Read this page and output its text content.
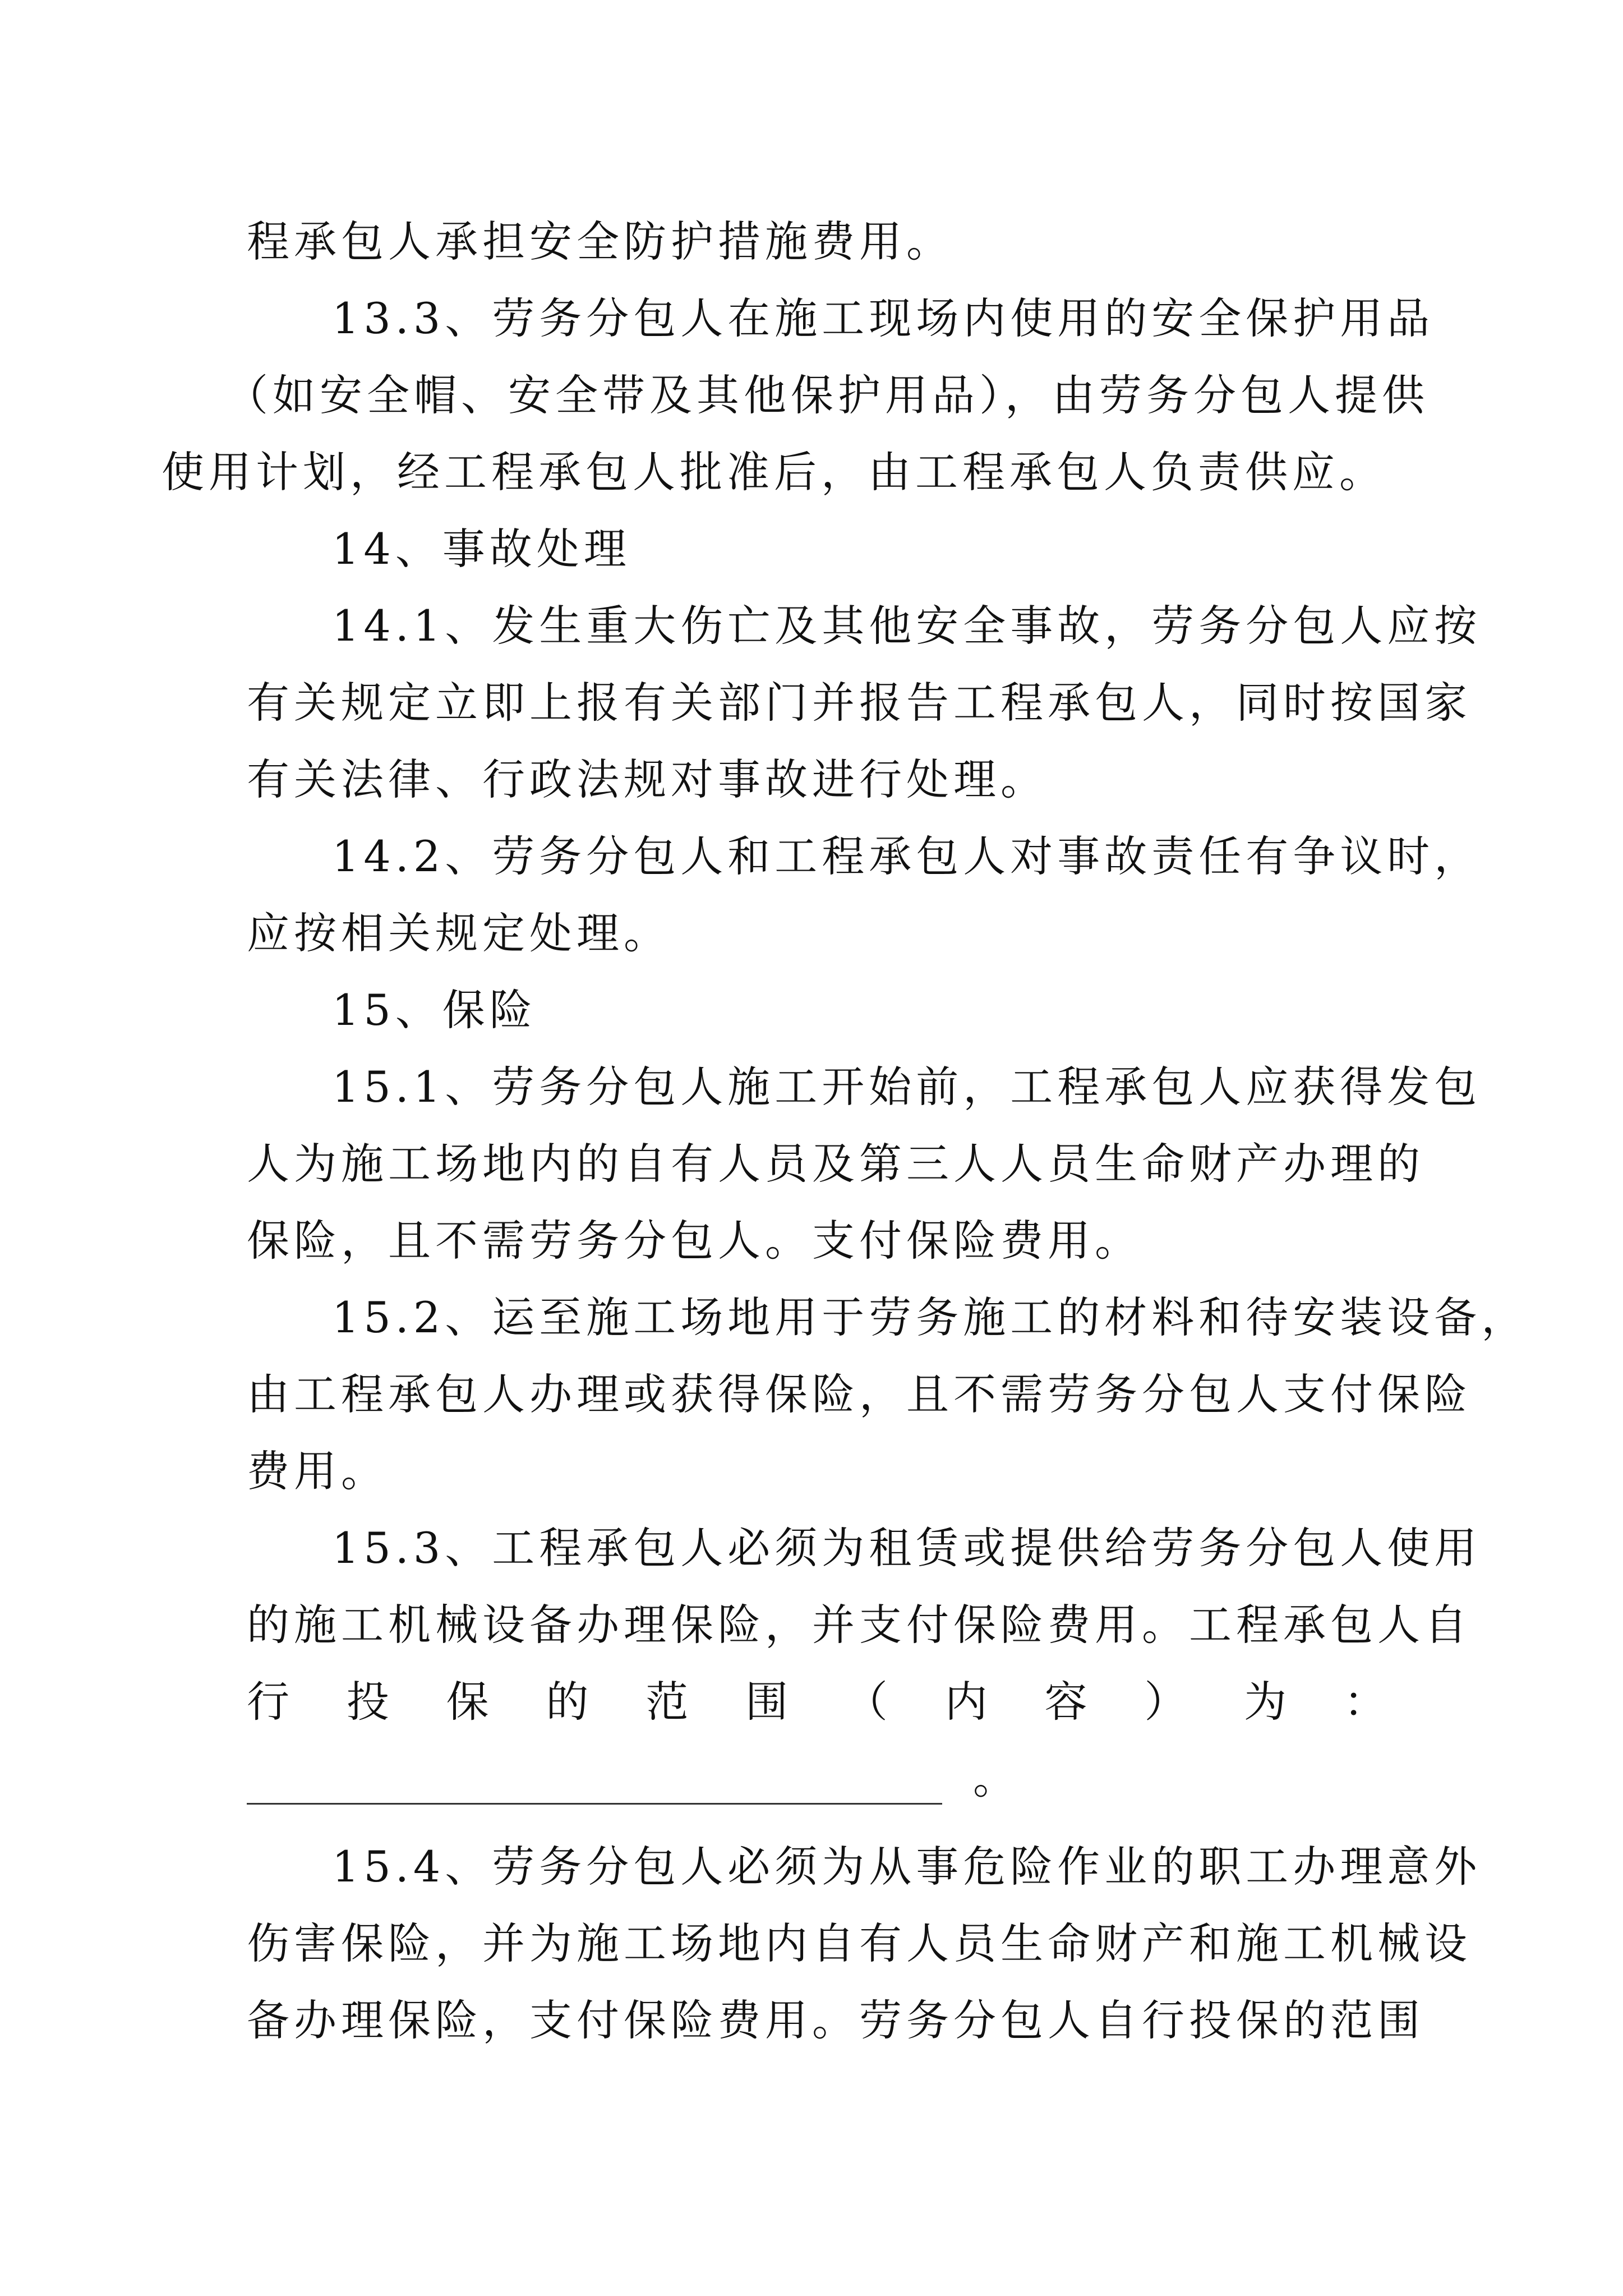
程承包人承担安全防护措施费用。

13.3、劳务分包人在施工现场内使用的安全保护用品
（如安全帽、安全带及其他保护用品），由劳务分包人提供
使用计划，经工程承包人批准后，由工程承包人负责供应。

14、事故处理

14.1、发生重大伤亡及其他安全事故，劳务分包人应按
有关规定立即上报有关部门并报告工程承包人，同时按国家
有关法律、行政法规对事故进行处理。

14.2、劳务分包人和工程承包人对事故责任有争议时，
应按相关规定处理。

15、保险

15.1、劳务分包人施工开始前，工程承包人应获得发包
人为施工场地内的自有人员及第三人人员生命财产办理的
保险，且不需劳务分包人。支付保险费用。

15.2、运至施工场地用于劳务施工的材料和待安装设备，
由工程承包人办理或获得保险，且不需劳务分包人支付保险
费用。

15.3、工程承包人必须为租赁或提供给劳务分包人使用
的施工机械设备办理保险，并支付保险费用。工程承包人自

行 投 保 的 范 围 （ 内 容 ） 为 ：
。

15.4、劳务分包人必须为从事危险作业的职工办理意外
伤害保险，并为施工场地内自有人员生命财产和施工机械设
备办理保险，支付保险费用。劳务分包人自行投保的范围
